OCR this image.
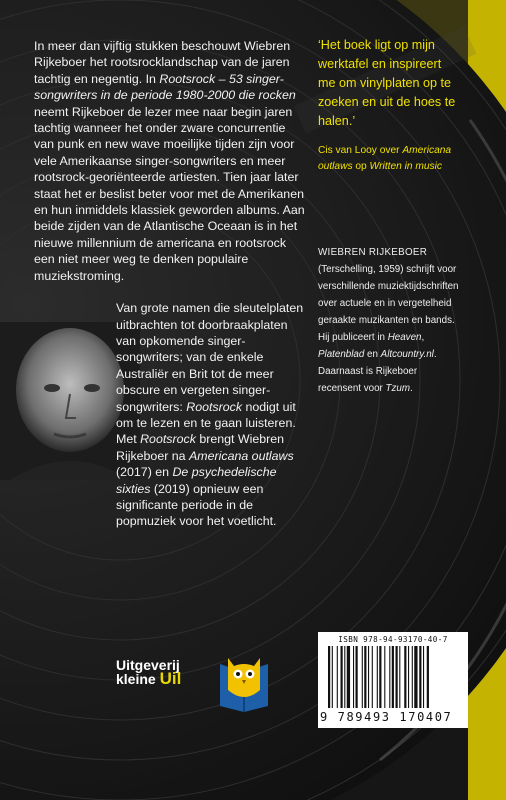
In meer dan vijftig stukken beschouwt Wiebren Rijkeboer het rootsrocklandschap van de jaren tachtig en negentig. In Rootsrock – 53 singer-songwriters in de periode 1980-2000 die rocken neemt Rijkeboer de lezer mee naar begin jaren tachtig wanneer het onder zware concurrentie van punk en new wave moeilijke tijden zijn voor vele Amerikaanse singer-songwriters en meer rootsrock-georiënteerde artiesten. Tien jaar later staat het er beslist beter voor met de Amerikanen en hun inmiddels klassiek geworden albums. Aan beide zijden van de Atlantische Oceaan is in het nieuwe millennium de americana en rootsrock een niet meer weg te denken populaire muziekstroming.

Van grote namen die sleutelplaten uitbrachten tot doorbraakplaten van opkomende singer-songwriters; van de enkele Australiër en Brit tot de meer obscure en vergeten singer-songwriters: Rootsrock nodigt uit om te lezen en te gaan luisteren. Met Rootsrock brengt Wiebren Rijkeboer na Americana outlaws (2017) en De psychedelische sixties (2019) opnieuw een significante periode in de popmuziek voor het voetlicht.

‘Het boek ligt op mijn werktafel en inspireert me om vinylplaten op te zoeken en uit de hoes te halen.’
Cis van Looy over Americana outlaws op Written in music
WIEBREN RIJKEBOER
(Terschelling, 1959) schrijft voor verschillende muziektijdschriften over actuele en in vergetelheid geraakte muzikanten en bands. Hij publiceert in Heaven, Platenblad en Altcountry.nl. Daarnaast is Rijkeboer recensent voor Tzum.
ISBN 978-94-93170-40-7
9 789493 170407
Uitgeverij
kleine Uil
